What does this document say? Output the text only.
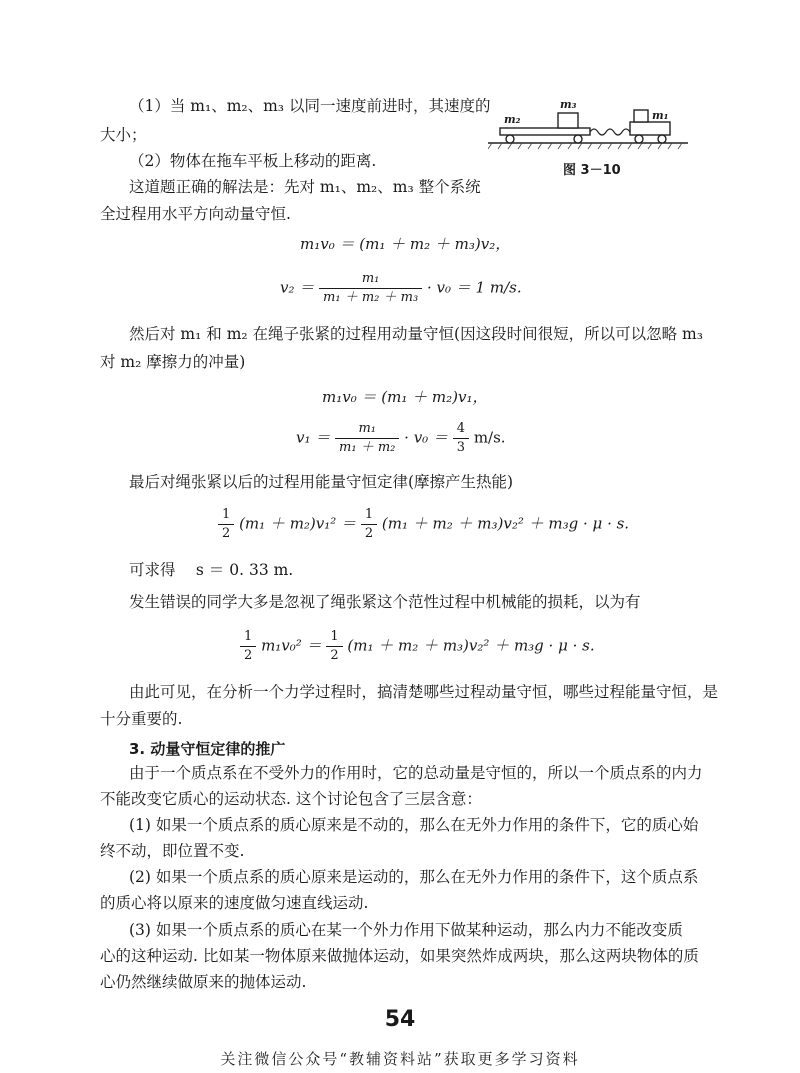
（1）当 m₁、m₂、m₃ 以同一速度前进时，其速度的
大小；
（2）物体在拖车平板上移动的距离.
这道题正确的解法是：先对 m₁、m₂、m₃ 整个系统
全过程用水平方向动量守恒.
m₂
m₃
m₁
图 3－10
m₁v₀ ＝ (m₁ ＋ m₂ ＋ m₃)v₂，
$v_2 = \frac{\text{m₁}}{\text{m₁ ＋ m₂ ＋ m₃}} \cdot v_0 = 1$ m/s.
然后对 m₁ 和 m₂ 在绳子张紧的过程用动量守恒(因这段时间很短，所以可以忽略 m₃
对 m₂ 摩擦力的冲量)
m₁v₀ ＝ (m₁ ＋ m₂)v₁，
$v_1 = \frac{\text{m₁}}{\text{m₁ ＋ m₂}} \cdot v_0 = \frac{4}{3} m/s$.
最后对绳张紧以后的过程用能量守恒定律(摩擦产生热能)
$\frac{1}{2} (m_1 + m_2)v_1^2 = \frac{1}{2} (m_1 + m_2 + m_3)v_2^2 + m_3g \cdot \mu \cdot s$.
可求得　 s ＝ 0. 33 m.
发生错误的同学大多是忽视了绳张紧这个范性过程中机械能的损耗，以为有
$\frac{1}{2} m_1v_0^2 = \frac{1}{2} (m_1 + m_2 + m_3)v_2^2 + m_3g \cdot \mu \cdot s$.
由此可见，在分析一个力学过程时，搞清楚哪些过程动量守恒，哪些过程能量守恒，是
十分重要的.
3. 动量守恒定律的推广
由于一个质点系在不受外力的作用时，它的总动量是守恒的，所以一个质点系的内力
不能改变它质心的运动状态. 这个讨论包含了三层含意：
(1) 如果一个质点系的质心原来是不动的，那么在无外力作用的条件下，它的质心始
终不动，即位置不变.
(2) 如果一个质点系的质心原来是运动的，那么在无外力作用的条件下，这个质点系
的质心将以原来的速度做匀速直线运动.
(3) 如果一个质点系的质心在某一个外力作用下做某种运动，那么内力不能改变质
心的这种运动. 比如某一物体原来做抛体运动，如果突然炸成两块，那么这两块物体的质
心仍然继续做原来的抛体运动.
54
关注微信公众号“教辅资料站”获取更多学习资料
